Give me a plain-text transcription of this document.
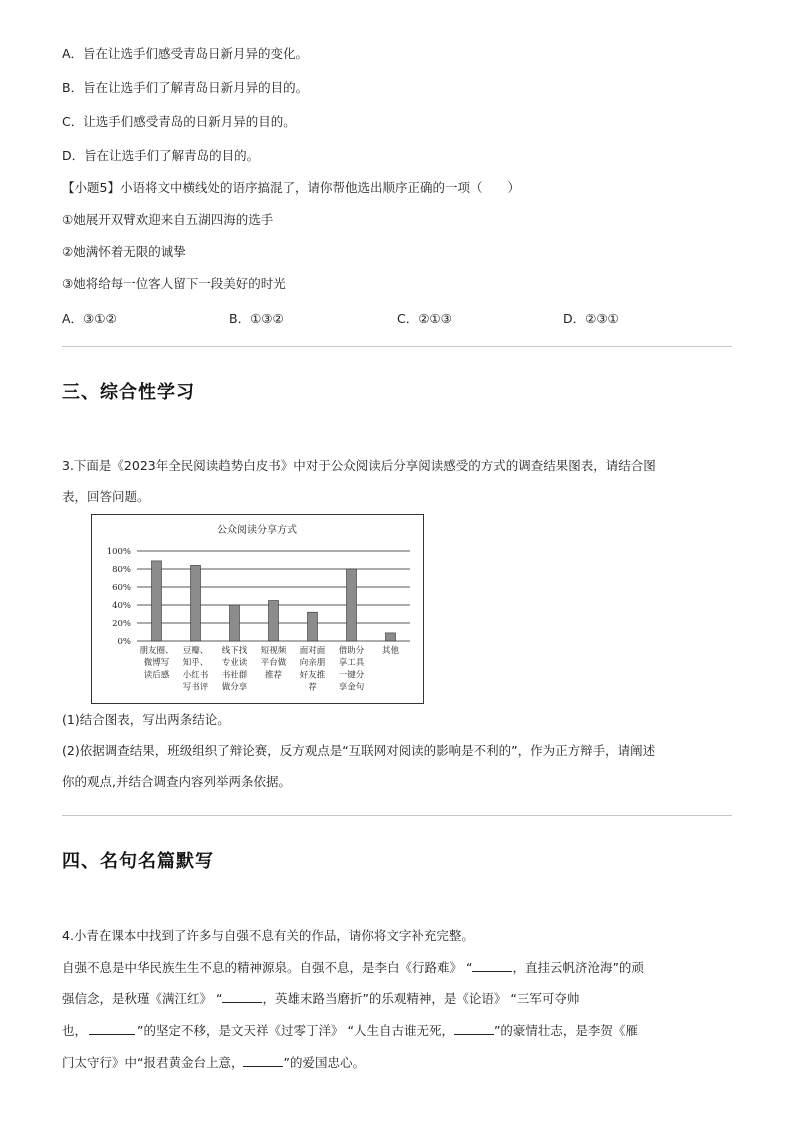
A．旨在让选手们感受青岛日新月异的变化。
B．旨在让选手们了解青岛日新月异的目的。
C．让选手们感受青岛的日新月异的目的。
D．旨在让选手们了解青岛的目的。
【小题5】小语将文中横线处的语序搞混了，请你帮他选出顺序正确的一项（　　）
①她展开双臂欢迎来自五湖四海的选手
②她满怀着无限的诚挚
③她将给每一位客人留下一段美好的时光
A．③①②	B．①③②	C．②①③	D．②③①
三、综合性学习
3.下面是《2023年全民阅读趋势白皮书》中对于公众阅读后分享阅读感受的方式的调查结果图表，请结合图
表，回答问题。
公众阅读分享方式
100%
80%
60%
40%
20%
0%
朋友圈、
微博写
读后感
豆瓣、
知乎、
小红书
写书评
线下找
专业读
书社群
做分享
短视频
平台做
推荐
面对面
向亲朋
好友推
荐
借助分
享工具
一键分
享金句
其他
(1)结合图表，写出两条结论。
(2)依据调查结果，班级组织了辩论赛，反方观点是“互联网对阅读的影响是不利的”，作为正方辩手，请阐述
你的观点,并结合调查内容列举两条依据。
四、名句名篇默写
4.小青在课本中找到了许多与自强不息有关的作品，请你将文字补充完整。
自强不息是中华民族生生不息的精神源泉。自强不息，是李白《行路难》 “	，直挂云帆济沧海”的顽
强信念，是秋瑾《满江红》 “	，英雄末路当磨折”的乐观精神，是《论语》 “三军可夺帅
也，	”的坚定不移，是文天祥《过零丁洋》 “人生自古谁无死，	”的豪情壮志，是李贺《雁
门太守行》中“报君黄金台上意，	”的爱国忠心。
